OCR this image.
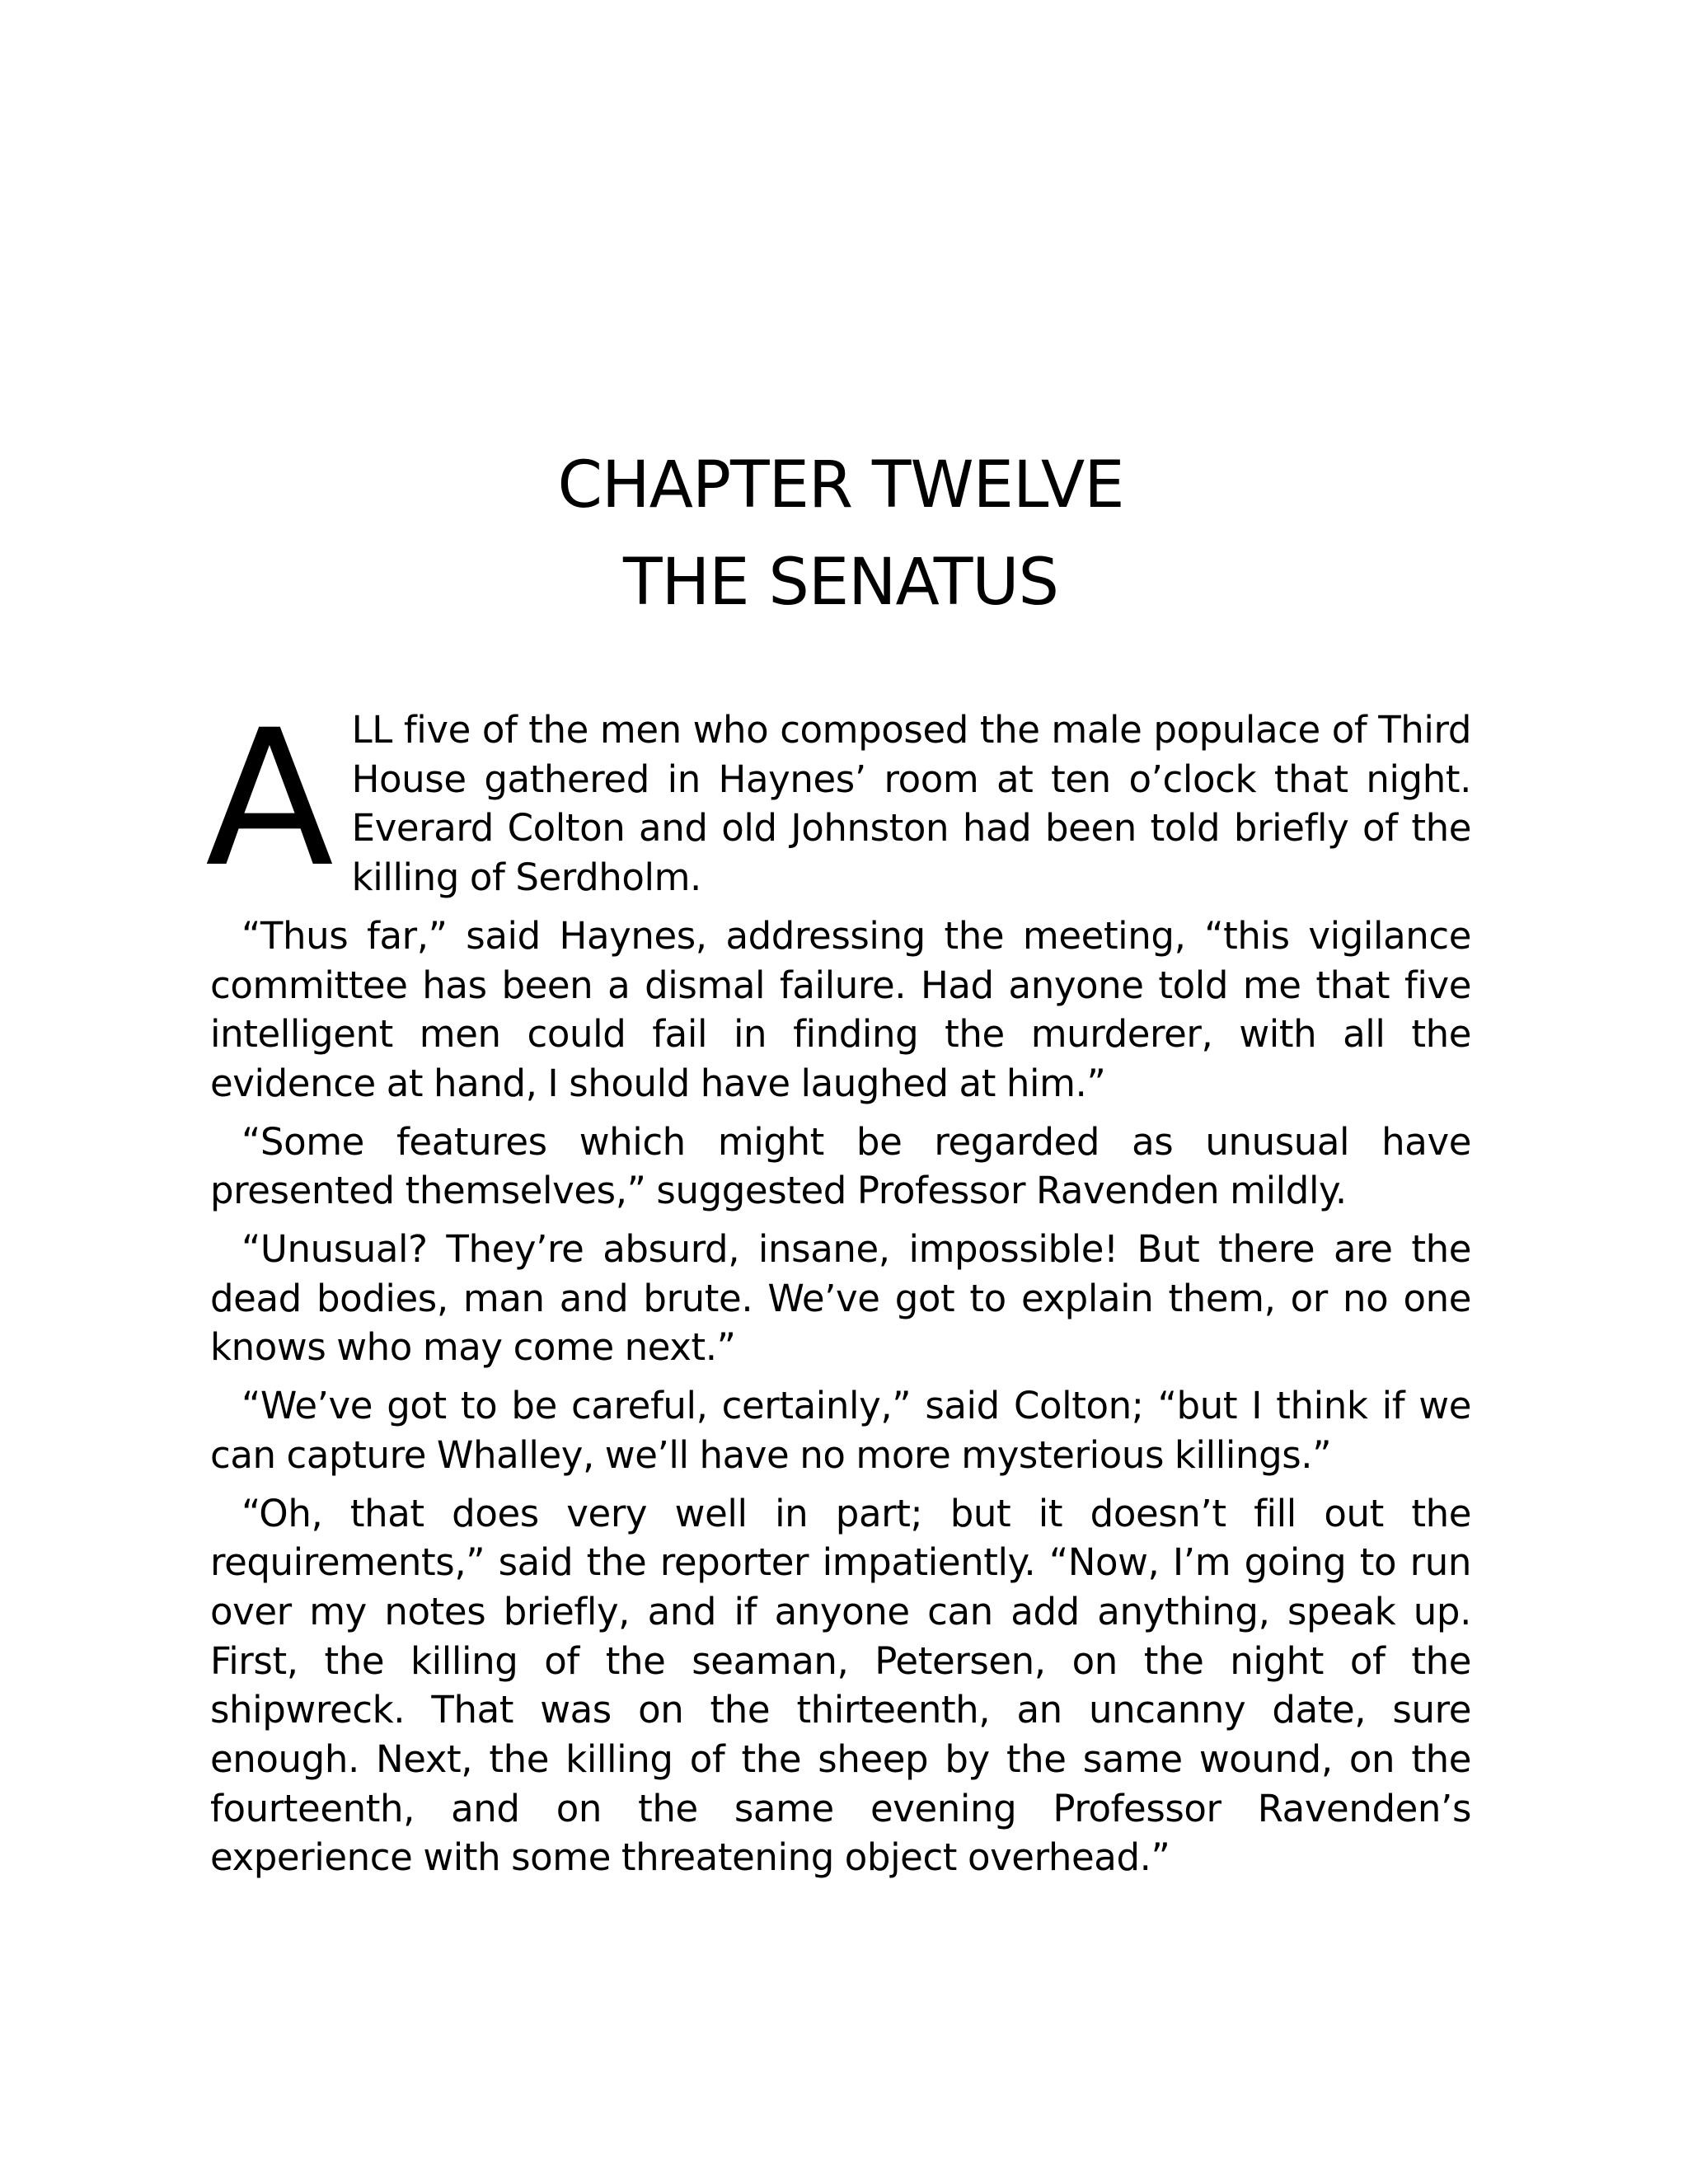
CHAPTER TWELVE
THE SENATUS

ALL five of the men who composed the male populace of Third House gathered in Haynes’ room at ten o’clock that night. Everard Colton and old Johnston had been told briefly of the killing of Serdholm.

“Thus far,” said Haynes, addressing the meeting, “this vigilance committee has been a dismal failure. Had anyone told me that five intelligent men could fail in finding the murderer, with all the evidence at hand, I should have laughed at him.”

“Some features which might be regarded as unusual have presented themselves,” suggested Professor Ravenden mildly.

“Unusual? They’re absurd, insane, impossible! But there are the dead bodies, man and brute. We’ve got to explain them, or no one knows who may come next.”

“We’ve got to be careful, certainly,” said Colton; “but I think if we can capture Whalley, we’ll have no more mysterious killings.”

“Oh, that does very well in part; but it doesn’t fill out the requirements,” said the reporter impatiently. “Now, I’m going to run over my notes briefly, and if anyone can add anything, speak up. First, the killing of the seaman, Petersen, on the night of the shipwreck. That was on the thirteenth, an uncanny date, sure enough. Next, the killing of the sheep by the same wound, on the fourteenth, and on the same evening Professor Ravenden’s experience with some threatening object overhead.”
